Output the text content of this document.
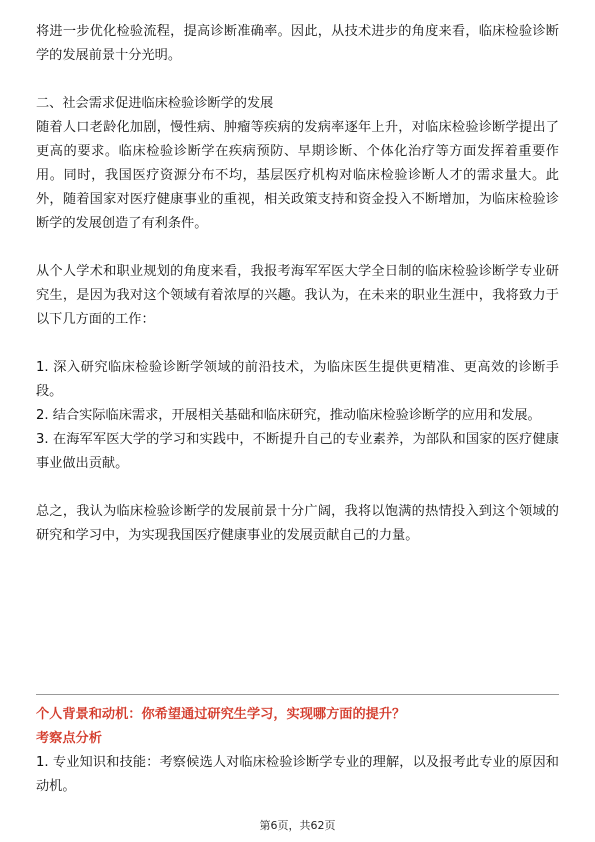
将进一步优化检验流程，提高诊断准确率。因此，从技术进步的角度来看，临床检验诊断学的发展前景十分光明。

二、社会需求促进临床检验诊断学的发展

随着人口老龄化加剧，慢性病、肿瘤等疾病的发病率逐年上升，对临床检验诊断学提出了更高的要求。临床检验诊断学在疾病预防、早期诊断、个体化治疗等方面发挥着重要作用。同时，我国医疗资源分布不均，基层医疗机构对临床检验诊断人才的需求量大。此外，随着国家对医疗健康事业的重视，相关政策支持和资金投入不断增加，为临床检验诊断学的发展创造了有利条件。

从个人学术和职业规划的角度来看，我报考海军军医大学全日制的临床检验诊断学专业研究生，是因为我对这个领域有着浓厚的兴趣。我认为，在未来的职业生涯中，我将致力于以下几方面的工作：

1. 深入研究临床检验诊断学领域的前沿技术，为临床医生提供更精准、更高效的诊断手段。

2. 结合实际临床需求，开展相关基础和临床研究，推动临床检验诊断学的应用和发展。

3. 在海军军医大学的学习和实践中，不断提升自己的专业素养，为部队和国家的医疗健康事业做出贡献。

总之，我认为临床检验诊断学的发展前景十分广阔，我将以饱满的热情投入到这个领域的研究和学习中，为实现我国医疗健康事业的发展贡献自己的力量。

个人背景和动机：你希望通过研究生学习，实现哪方面的提升？

考察点分析

1. 专业知识和技能：考察候选人对临床检验诊断学专业的理解，以及报考此专业的原因和动机。

第6页，共62页
